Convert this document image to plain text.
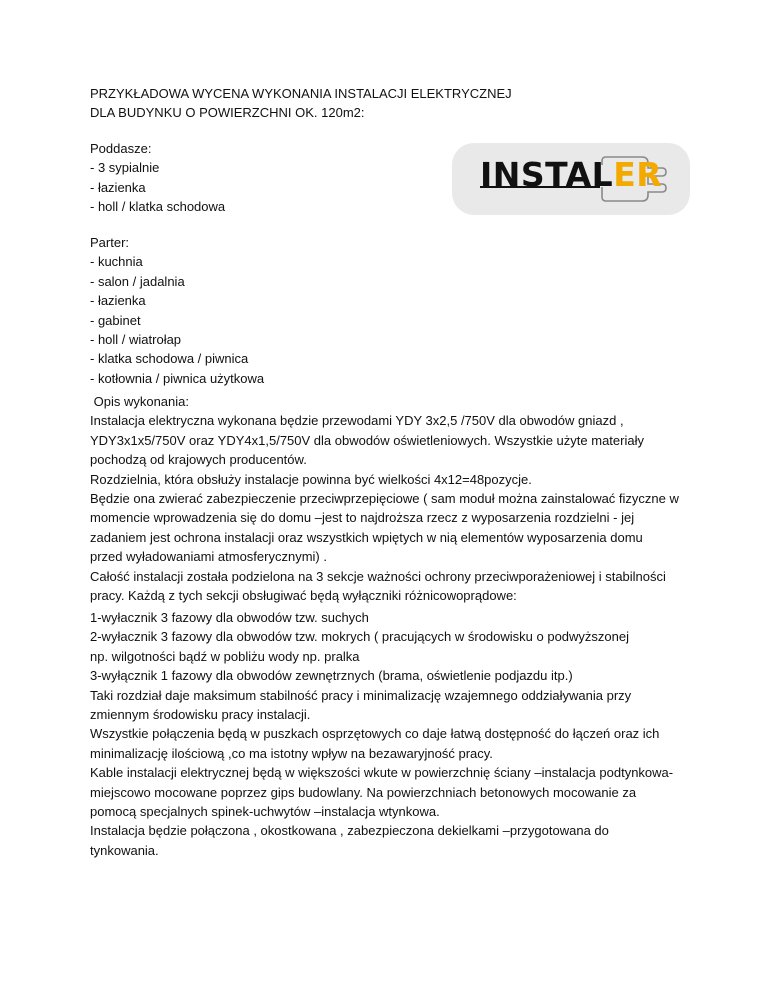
PRZYKŁADOWA WYCENA WYKONANIA INSTALACJI ELEKTRYCZNEJ
DLA BUDYNKU O POWIERZCHNI OK. 120m2:
Poddasze:
- 3 sypialnie
- łazienka
- holl / klatka schodowa
INSTALER
Parter:
- kuchnia
- salon / jadalnia
- łazienka
- gabinet
- holl / wiatrołap
- klatka schodowa / piwnica
- kotłownia / piwnica użytkowa
Opis wykonania:
Instalacja elektryczna wykonana będzie przewodami YDY 3x2,5 /750V dla obwodów gniazd ,
YDY3x1x5/750V oraz YDY4x1,5/750V dla obwodów oświetleniowych. Wszystkie użyte materiały
pochodzą od krajowych producentów.
Rozdzielnia, która obsłuży instalacje powinna być wielkości 4x12=48pozycje.
Będzie ona zwierać zabezpieczenie przeciwprzepięciowe ( sam moduł można zainstalować fizyczne w
momencie wprowadzenia się do domu –jest to najdroższa rzecz z wyposarzenia rozdzielni - jej
zadaniem jest ochrona instalacji oraz wszystkich wpiętych w nią elementów wyposarzenia domu
przed wyładowaniami atmosferycznymi) .
Całość instalacji została podzielona na 3 sekcje ważności ochrony przeciwporażeniowej i stabilności
pracy. Każdą z tych sekcji obsługiwać będą wyłączniki różnicowoprądowe:
1-wyłacznik 3 fazowy dla obwodów tzw. suchych
2-wyłacznik 3 fazowy dla obwodów tzw. mokrych ( pracujących w środowisku o podwyższonej
np. wilgotności bądź w pobliżu wody np. pralka
3-wyłącznik 1 fazowy dla obwodów zewnętrznych (brama, oświetlenie podjazdu itp.)
Taki rozdział daje maksimum stabilność pracy i minimalizację wzajemnego oddziaływania przy
zmiennym środowisku pracy instalacji.
Wszystkie połączenia będą w puszkach osprzętowych co daje łatwą dostępność do łączeń oraz ich
minimalizację ilościową ,co ma istotny wpływ na bezawaryjność pracy.
Kable instalacji elektrycznej będą w większości wkute w powierzchnię ściany –instalacja podtynkowa-
miejscowo mocowane poprzez gips budowlany. Na powierzchniach betonowych mocowanie za
pomocą specjalnych spinek-uchwytów –instalacja wtynkowa.
Instalacja będzie połączona , okostkowana , zabezpieczona dekielkami –przygotowana do
tynkowania.
